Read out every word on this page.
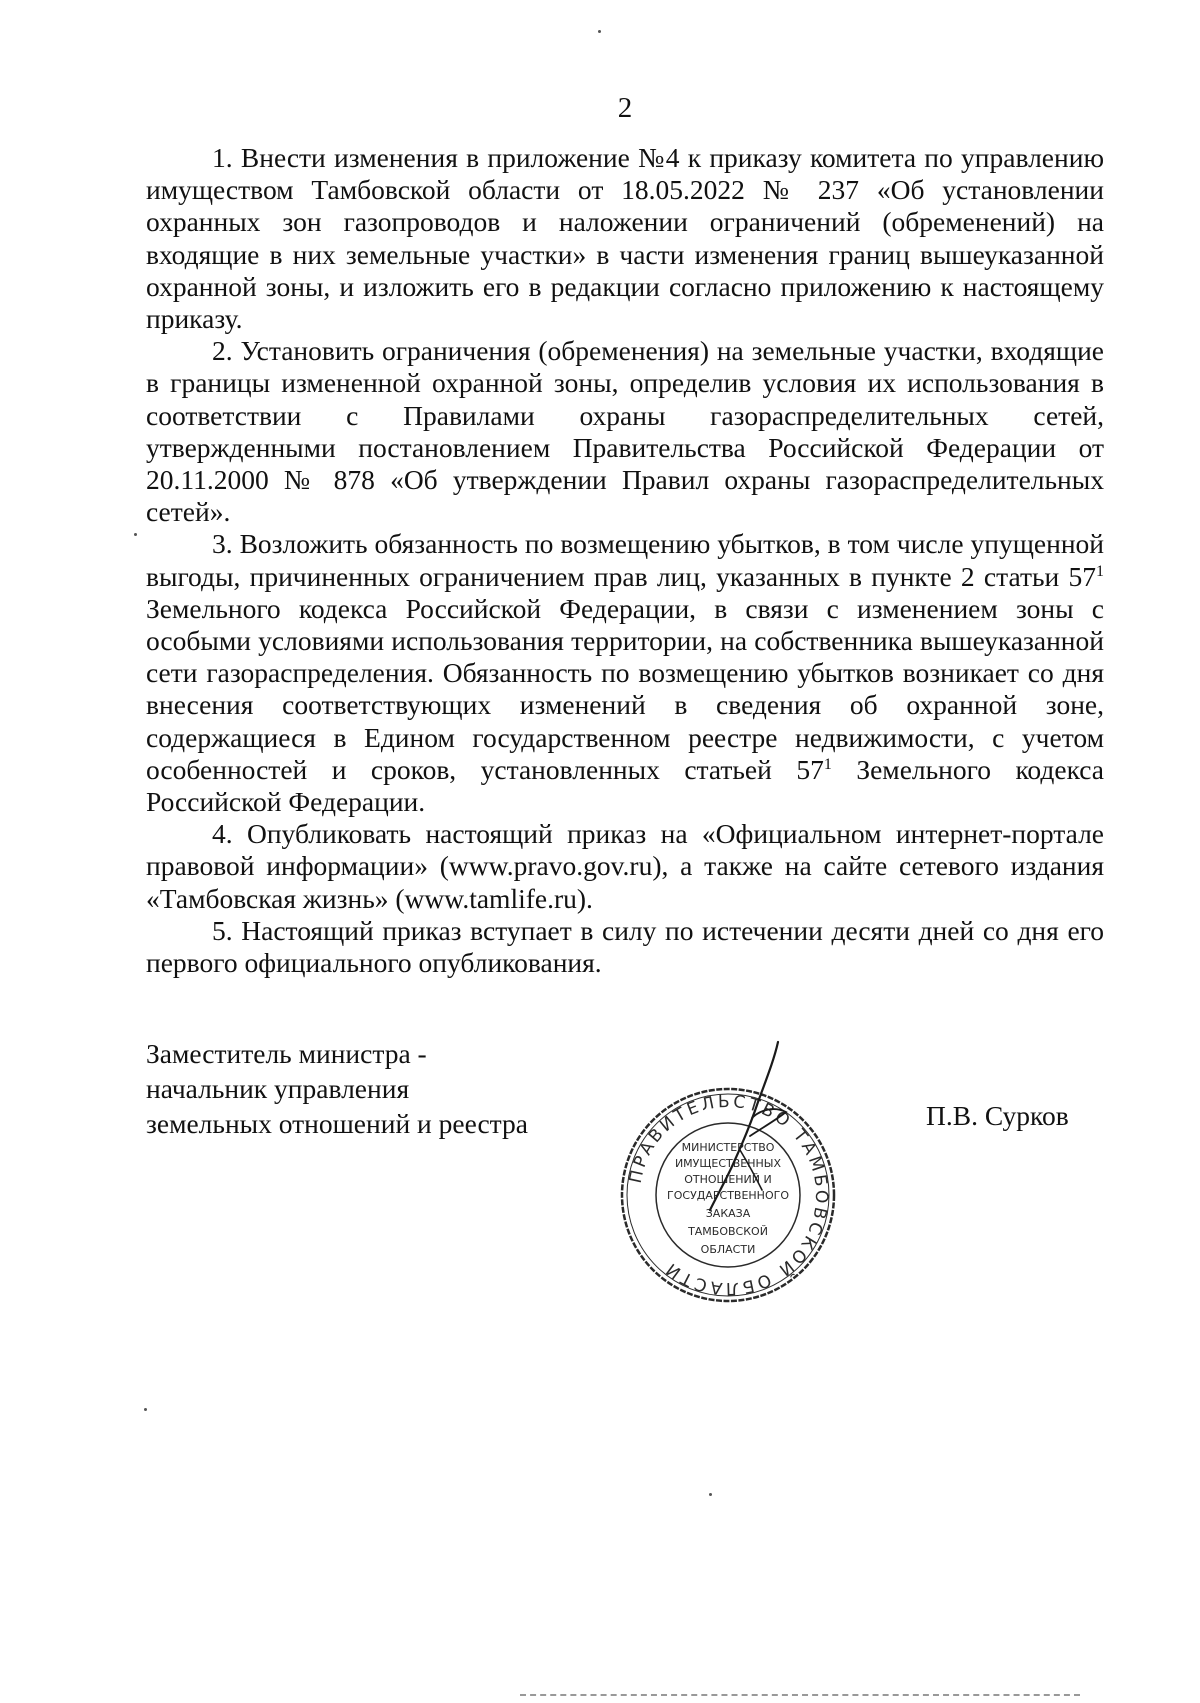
2

1. Внести изменения в приложение №4 к приказу комитета по управлению имуществом Тамбовской области от 18.05.2022 № 237 «Об установлении охранных зон газопроводов и наложении ограничений (обременений) на входящие в них земельные участки» в части изменения границ вышеуказанной охранной зоны, и изложить его в редакции согласно приложению к настоящему приказу.

2. Установить ограничения (обременения) на земельные участки, входящие в границы измененной охранной зоны, определив условия их использования в соответствии с Правилами охраны газораспределительных сетей, утвержденными постановлением Правительства Российской Федерации от 20.11.2000 № 878 «Об утверждении Правил охраны газораспределительных сетей».

3. Возложить обязанность по возмещению убытков, в том числе упущенной выгоды, причиненных ограничением прав лиц, указанных в пункте 2 статьи $57^1$ Земельного кодекса Российской Федерации, в связи с изменением зоны с особыми условиями использования территории, на собственника вышеуказанной сети газораспределения. Обязанность по возмещению убытков возникает со дня внесения соответствующих изменений в сведения об охранной зоне, содержащиеся в Едином государственном реестре недвижимости, с учетом особенностей и сроков, установленных статьей $57^1$ Земельного кодекса Российской Федерации.

4. Опубликовать настоящий приказ на «Официальном интернет-портале правовой информации» (www.pravo.gov.ru), а также на сайте сетевого издания «Тамбовская жизнь» (www.tamlife.ru).

5. Настоящий приказ вступает в силу по истечении десяти дней со дня его первого официального опубликования.

Заместитель министра -
начальник управления
земельных отношений и реестра	П.В. Сурков
ПРАВИТЕЛЬСТВО ТАМБОВСКОЙ ОБЛАСТИ
МИНИСТЕРСТВО
ИМУЩЕСТВЕННЫХ
ОТНОШЕНИЙ И
ГОСУДАРСТВЕННОГО
ЗАКАЗА
ТАМБОВСКОЙ
ОБЛАСТИ
